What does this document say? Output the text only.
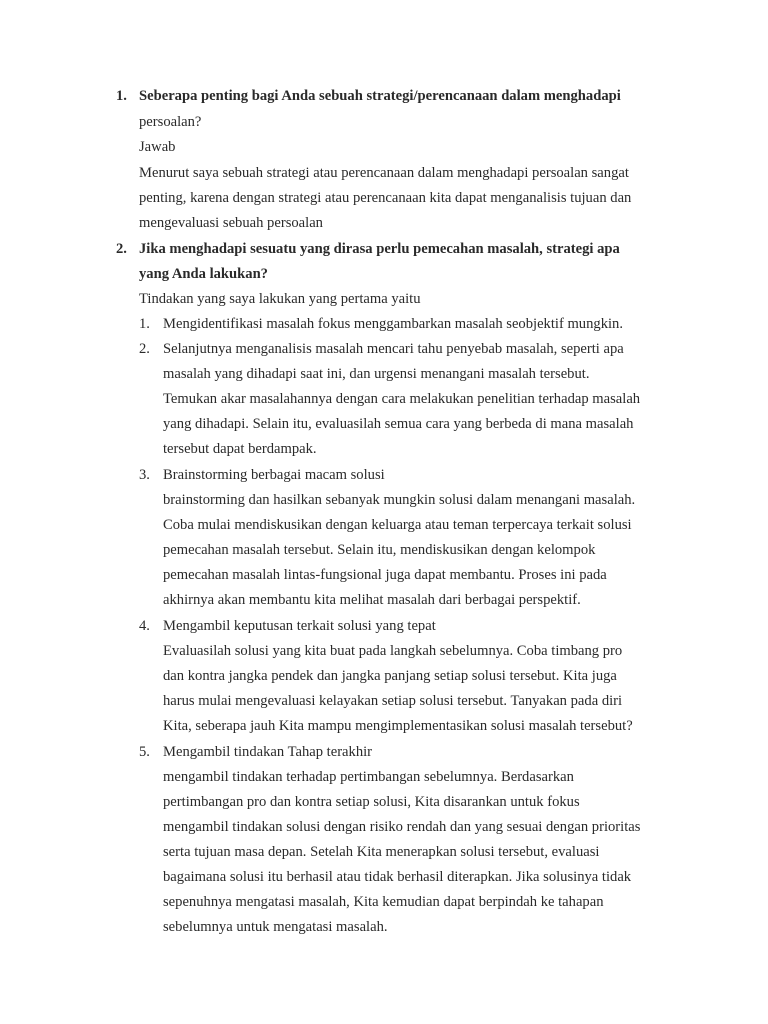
1. Seberapa penting bagi Anda sebuah strategi/perencanaan dalam menghadapi
persoalan?
Jawab
Menurut saya sebuah strategi atau perencanaan dalam menghadapi persoalan sangat
penting, karena dengan strategi atau perencanaan kita dapat menganalisis tujuan dan
mengevaluasi sebuah persoalan
2. Jika menghadapi sesuatu yang dirasa perlu pemecahan masalah, strategi apa
yang Anda lakukan?
Tindakan yang saya lakukan yang pertama yaitu
1. Mengidentifikasi masalah fokus menggambarkan masalah seobjektif mungkin.
2. Selanjutnya menganalisis masalah mencari tahu penyebab masalah, seperti apa
masalah yang dihadapi saat ini, dan urgensi menangani masalah tersebut.
Temukan akar masalahannya dengan cara melakukan penelitian terhadap masalah
yang dihadapi. Selain itu, evaluasilah semua cara yang berbeda di mana masalah
tersebut dapat berdampak.
3. Brainstorming berbagai macam solusi
brainstorming dan hasilkan sebanyak mungkin solusi dalam menangani masalah.
Coba mulai mendiskusikan dengan keluarga atau teman terpercaya terkait solusi
pemecahan masalah tersebut. Selain itu, mendiskusikan dengan kelompok
pemecahan masalah lintas-fungsional juga dapat membantu. Proses ini pada
akhirnya akan membantu kita melihat masalah dari berbagai perspektif.
4. Mengambil keputusan terkait solusi yang tepat
Evaluasilah solusi yang kita buat pada langkah sebelumnya. Coba timbang pro
dan kontra jangka pendek dan jangka panjang setiap solusi tersebut. Kita juga
harus mulai mengevaluasi kelayakan setiap solusi tersebut. Tanyakan pada diri
Kita, seberapa jauh Kita mampu mengimplementasikan solusi masalah tersebut?
5. Mengambil tindakan Tahap terakhir
mengambil tindakan terhadap pertimbangan sebelumnya. Berdasarkan
pertimbangan pro dan kontra setiap solusi, Kita disarankan untuk fokus
mengambil tindakan solusi dengan risiko rendah dan yang sesuai dengan prioritas
serta tujuan masa depan. Setelah Kita menerapkan solusi tersebut, evaluasi
bagaimana solusi itu berhasil atau tidak berhasil diterapkan. Jika solusinya tidak
sepenuhnya mengatasi masalah, Kita kemudian dapat berpindah ke tahapan
sebelumnya untuk mengatasi masalah.
